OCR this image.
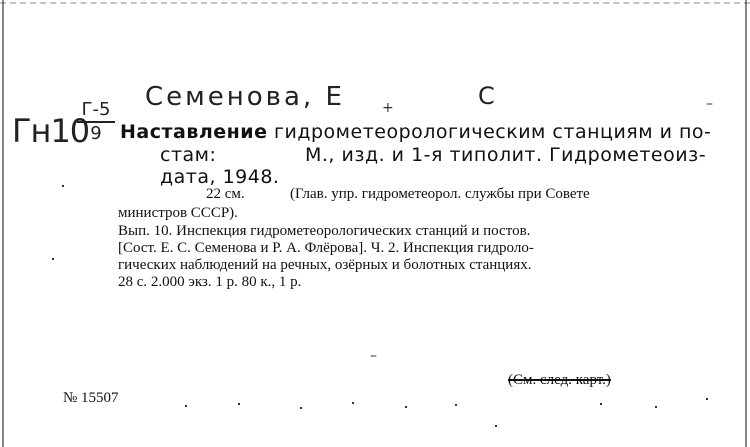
Семенова, Е	+	С	–
Гн10
Г-5
9 Наставление гидрометеорологическим станциям и по-
стам:	М., изд. и 1-я типолит. Гидрометеоиз-
дата, 1948.
22 см.	(Глав. упр. гидрометеорол. службы при Совете
министров СССР).
Вып. 10. Инспекция гидрометеорологических станций и постов.
[Сост. Е. С. Семенова и Р. А. Флёрова]. Ч. 2. Инспекция гидроло-
гических наблюдений на речных, озёрных и болотных станциях.
28 с. 2.000 экз. 1 р. 80 к., 1 р.
–
(См. след. карт.)
№ 15507
